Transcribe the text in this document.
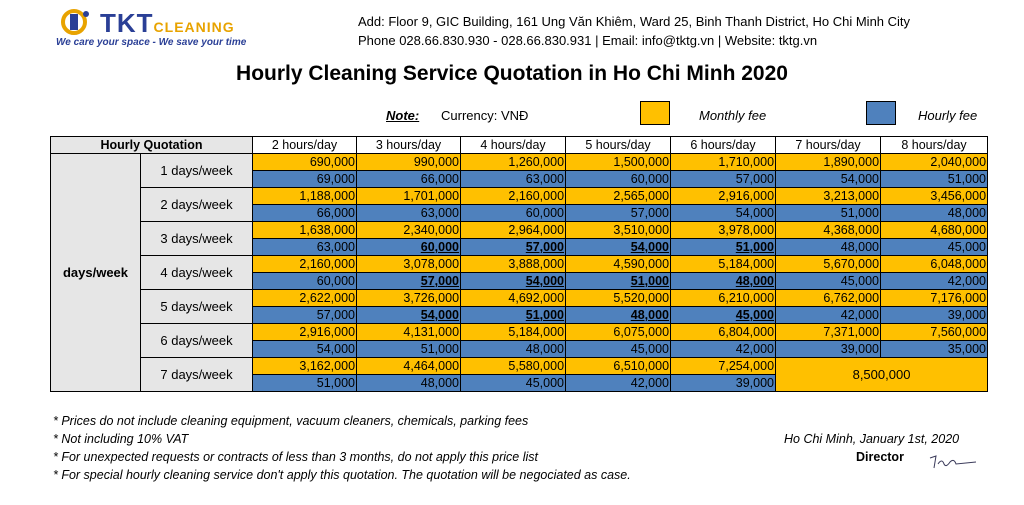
TKTCLEANING
We care your space - We save your time
Add: Floor 9, GIC Building, 161 Ung Văn Khiêm, Ward 25, Binh Thanh District, Ho Chi Minh City
Phone 028.66.830.930 - 028.66.830.931 | Email: info@tktg.vn | Website: tktg.vn
Hourly Cleaning Service Quotation in Ho Chi Minh 2020
Note: Currency: VNĐ	Monthly fee	Hourly fee
Hourly Quotation		2 hours/day	3 hours/day	4 hours/day	5 hours/day	6 hours/day	7 hours/day	8 hours/day
days/week	1 days/week	690,000	990,000	1,260,000	1,500,000	1,710,000	1,890,000	2,040,000
		69,000	66,000	63,000	60,000	57,000	54,000	51,000
	2 days/week	1,188,000	1,701,000	2,160,000	2,565,000	2,916,000	3,213,000	3,456,000
		66,000	63,000	60,000	57,000	54,000	51,000	48,000
	3 days/week	1,638,000	2,340,000	2,964,000	3,510,000	3,978,000	4,368,000	4,680,000
		63,000	60,000	57,000	54,000	51,000	48,000	45,000
	4 days/week	2,160,000	3,078,000	3,888,000	4,590,000	5,184,000	5,670,000	6,048,000
		60,000	57,000	54,000	51,000	48,000	45,000	42,000
	5 days/week	2,622,000	3,726,000	4,692,000	5,520,000	6,210,000	6,762,000	7,176,000
		57,000	54,000	51,000	48,000	45,000	42,000	39,000
	6 days/week	2,916,000	4,131,000	5,184,000	6,075,000	6,804,000	7,371,000	7,560,000
		54,000	51,000	48,000	45,000	42,000	39,000	35,000
	7 days/week	3,162,000	4,464,000	5,580,000	6,510,000	7,254,000	8,500,000	
		51,000	48,000	45,000	42,000	39,000		
* Prices do not include cleaning equipment, vacuum cleaners, chemicals, parking fees
* Not including 10% VAT
* For unexpected requests or contracts of less than 3 months, do not apply this price list
* For special hourly cleaning service don't apply this quotation. The quotation will be negociated as case.
Ho Chi Minh, January 1st, 2020
Director
